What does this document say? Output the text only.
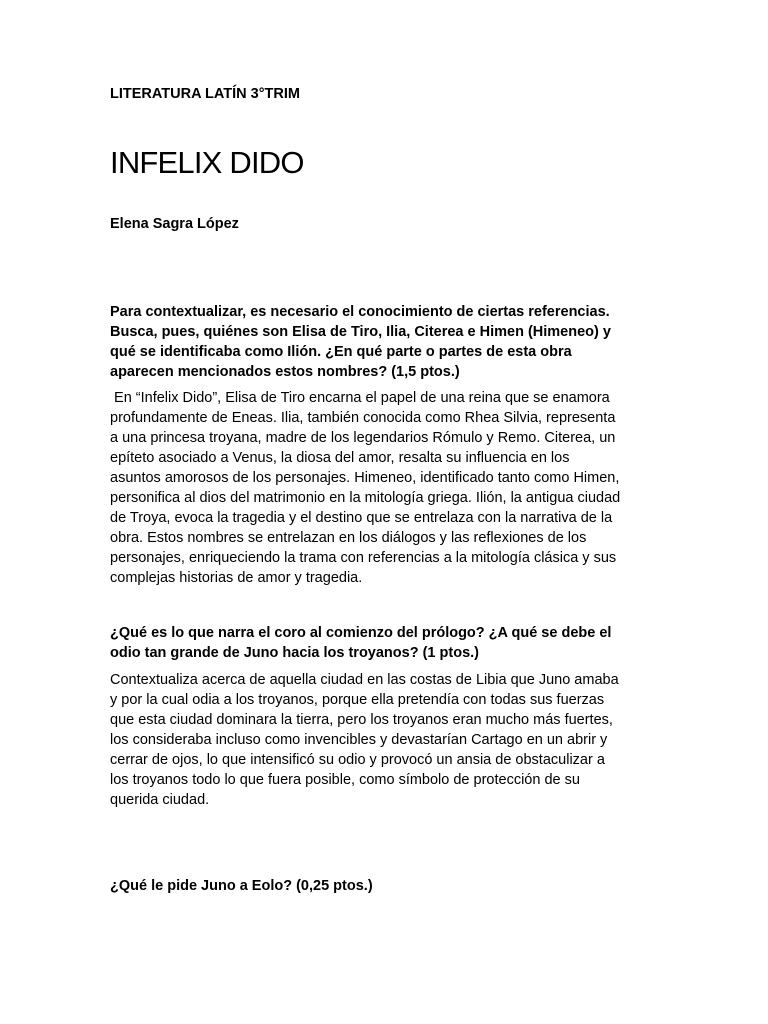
LITERATURA LATÍN 3°TRIM
INFELIX DIDO
Elena Sagra López
Para contextualizar, es necesario el conocimiento de ciertas referencias.
Busca, pues, quiénes son Elisa de Tiro, Ilia, Citerea e Himen (Himeneo) y
qué se identificaba como Ilión. ¿En qué parte o partes de esta obra
aparecen mencionados estos nombres? (1,5 ptos.)
En “Infelix Dido”, Elisa de Tiro encarna el papel de una reina que se enamora
profundamente de Eneas. Ilia, también conocida como Rhea Silvia, representa
a una princesa troyana, madre de los legendarios Rómulo y Remo. Citerea, un
epíteto asociado a Venus, la diosa del amor, resalta su influencia en los
asuntos amorosos de los personajes. Himeneo, identificado tanto como Himen,
personifica al dios del matrimonio en la mitología griega. Ilión, la antigua ciudad
de Troya, evoca la tragedia y el destino que se entrelaza con la narrativa de la
obra. Estos nombres se entrelazan en los diálogos y las reflexiones de los
personajes, enriqueciendo la trama con referencias a la mitología clásica y sus
complejas historias de amor y tragedia.
¿Qué es lo que narra el coro al comienzo del prólogo? ¿A qué se debe el
odio tan grande de Juno hacia los troyanos? (1 ptos.)
Contextualiza acerca de aquella ciudad en las costas de Libia que Juno amaba
y por la cual odia a los troyanos, porque ella pretendía con todas sus fuerzas
que esta ciudad dominara la tierra, pero los troyanos eran mucho más fuertes,
los consideraba incluso como invencibles y devastarían Cartago en un abrir y
cerrar de ojos, lo que intensificó su odio y provocó un ansia de obstaculizar a
los troyanos todo lo que fuera posible, como símbolo de protección de su
querida ciudad.
¿Qué le pide Juno a Eolo? (0,25 ptos.)
